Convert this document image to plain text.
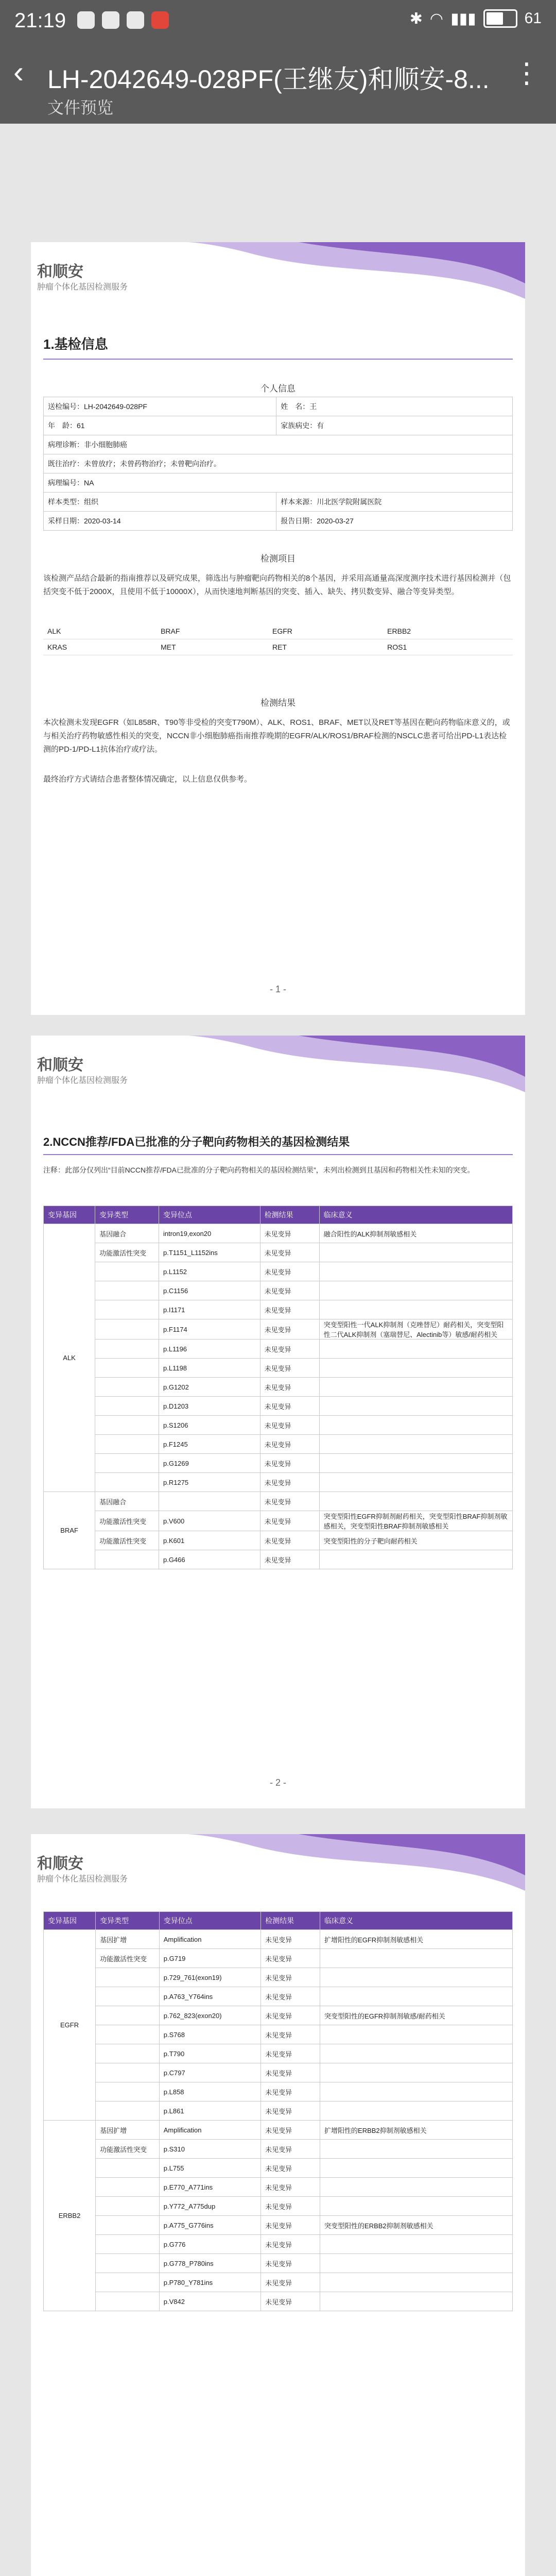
21:19	✱ ◠ ▮▮▮	61
‹ LH-2042649-028PF(王继友)和顺安-8...
文件预览
⋮
和顺安
肿瘤个体化基因检测服务
1.基检信息
个人信息
送检编号：LH-2042649-028PF	姓　名：王
年　龄：61	家族病史：有
病理诊断：非小细胞肺癌	
既往治疗：未曾放疗；未曾药物治疗；未曾靶向治疗。	
病理编号：NA	
样本类型：组织	样本来源：川北医学院附属医院
采样日期：2020-03-14	报告日期：2020-03-27
检测项目
该检测产品结合最新的指南推荐以及研究成果，筛选出与肿瘤靶向药物相关的8个基因，并采用高通量高深度测序技术进行基因检测并（包括突变不低于2000X，且使用不低于10000X），从而快速地判断基因的突变、插入、缺失、拷贝数变异、融合等变异类型。
ALK	BRAF	EGFR	ERBB2
KRAS	MET	RET	ROS1
检测结果
本次检测未发现EGFR（如L858R、T90等非受检的突变T790M）、ALK、ROS1、BRAF、MET以及RET等基因在靶向药物临床意义的，或与相关治疗药物敏感性相关的突变，NCCN非小细胞肺癌指南推荐晚期的EGFR/ALK/ROS1/BRAF检测的NSCLC患者可给出PD-L1表达检测的PD-1/PD-L1抗体治疗或疗法。
最终治疗方式请结合患者整体情况确定，以上信息仅供参考。
- 1 -
和顺安
肿瘤个体化基因检测服务
2.NCCN推荐/FDA已批准的分子靶向药物相关的基因检测结果
注释：此部分仅列出“目前NCCN推荐/FDA已批准的分子靶向药物相关的基因检测结果”，未列出检测到且基因和药物相关性未知的突变。
变异基因	变异类型	变异位点	检测结果	临床意义
ALK	基因融合	intron19,exon20	未见变异	融合阳性的ALK抑制剂敏感相关
	功能激活性突变	p.T1151_L1152ins	未见变异	
		p.L1152	未见变异	
		p.C1156	未见变异	
		p.I1171	未见变异	
		p.F1174	未见变异	突变型阳性一代ALK抑制剂（克唑替尼）耐药相关，突变型阳性二代ALK抑制剂（塞瑞替尼、Alectinib等）敏感/耐药相关
		p.L1196	未见变异	
		p.L1198	未见变异	
		p.G1202	未见变异	
		p.D1203	未见变异	
		p.S1206	未见变异	
		p.F1245	未见变异	
		p.G1269	未见变异	
		p.R1275	未见变异	
BRAF	基因融合		未见变异	
	功能激活性突变	p.V600	未见变异	突变型阳性EGFR抑制剂耐药相关，突变型阳性BRAF抑制剂敏感相关，突变型阳性BRAF抑制剂敏感相关
	功能激活性突变	p.K601	未见变异	突变型阳性的分子靶向耐药相关
		p.G466	未见变异	
- 2 -
和顺安
肿瘤个体化基因检测服务
变异基因	变异类型	变异位点	检测结果	临床意义
EGFR	基因扩增	Amplification	未见变异	扩增阳性的EGFR抑制剂敏感相关
	功能激活性突变	p.G719	未见变异	
		p.729_761(exon19)	未见变异	
		p.A763_Y764ins	未见变异	
		p.762_823(exon20)	未见变异	突变型阳性的EGFR抑制剂敏感/耐药相关
		p.S768	未见变异	
		p.T790	未见变异	
		p.C797	未见变异	
		p.L858	未见变异	
		p.L861	未见变异	
ERBB2	基因扩增	Amplification	未见变异	扩增阳性的ERBB2抑制剂敏感相关
	功能激活性突变	p.S310	未见变异	
		p.L755	未见变异	
		p.E770_A771ins	未见变异	
		p.Y772_A775dup	未见变异	
		p.A775_G776ins	未见变异	突变型阳性的ERBB2抑制剂敏感相关
		p.G776	未见变异	
		p.G778_P780ins	未见变异	
		p.P780_Y781ins	未见变异	
		p.V842	未见变异	
